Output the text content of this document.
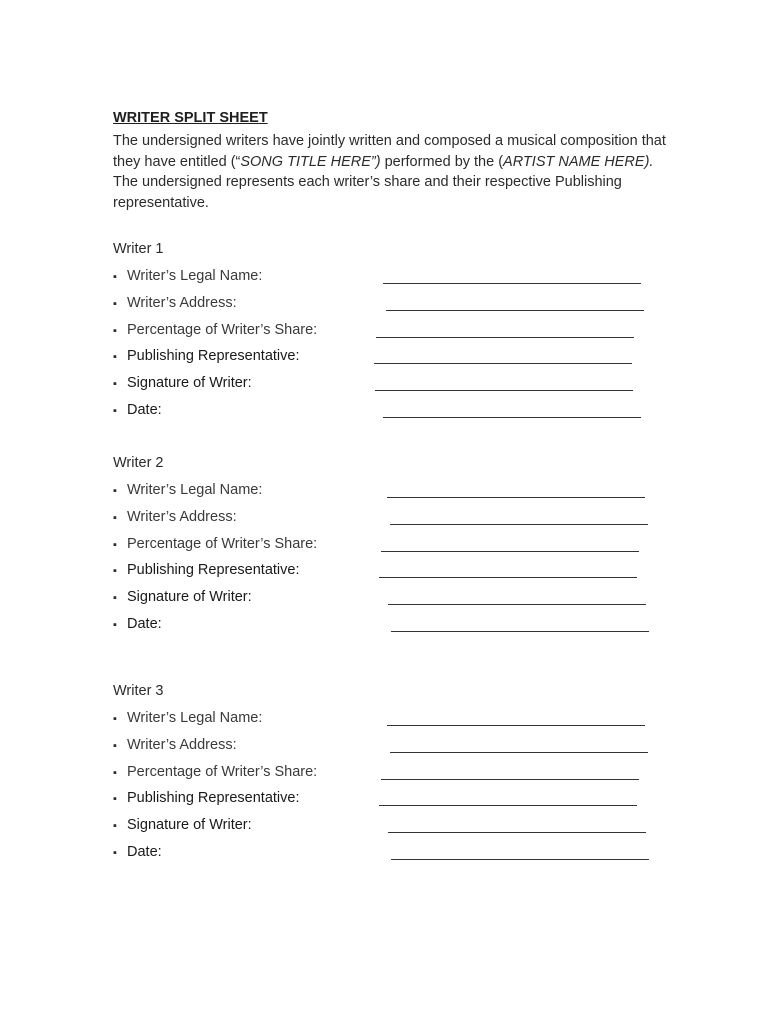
WRITER SPLIT SHEET
The undersigned writers have jointly written and composed a musical composition that they have entitled (“SONG TITLE HERE”) performed by the (ARTIST NAME HERE). The undersigned represents each writer’s share and their respective Publishing representative.
Writer 1
▪ Writer’s Legal Name:
▪ Writer’s Address:
▪ Percentage of Writer’s Share:
▪ Publishing Representative:
▪ Signature of Writer:
▪ Date:
Writer 2
▪ Writer’s Legal Name:
▪ Writer’s Address:
▪ Percentage of Writer’s Share:
▪ Publishing Representative:
▪ Signature of Writer:
▪ Date:
Writer 3
▪ Writer’s Legal Name:
▪ Writer’s Address:
▪ Percentage of Writer’s Share:
▪ Publishing Representative:
▪ Signature of Writer:
▪ Date:
